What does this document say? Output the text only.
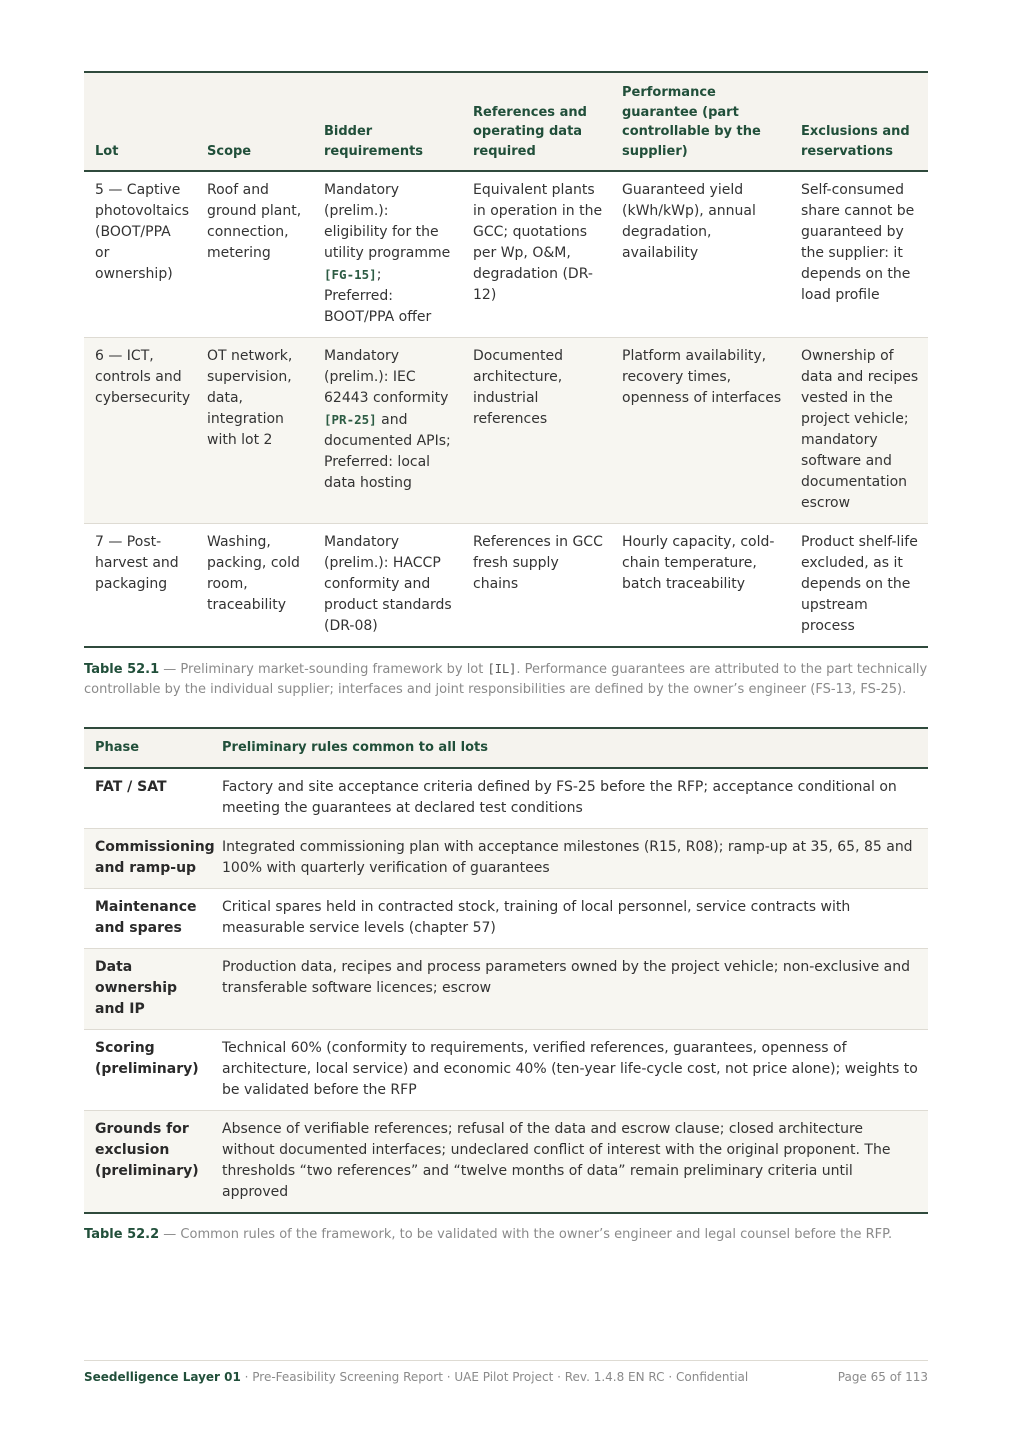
Lot	Scope	Bidder requirements	References and operating data required	Performance guarantee (part controllable by the supplier)	Exclusions and reservations
5 — Captive photovoltaics (BOOT/PPA or ownership)	Roof and ground plant, connection, metering	Mandatory (prelim.): eligibility for the utility programme [FG-15]; Preferred: BOOT/PPA offer	Equivalent plants in operation in the GCC; quotations per Wp, O&M, degradation (DR-12)	Guaranteed yield (kWh/kWp), annual degradation, availability	Self-consumed share cannot be guaranteed by the supplier: it depends on the load profile
6 — ICT, controls and cybersecurity	OT network, supervision, data, integration with lot 2	Mandatory (prelim.): IEC 62443 conformity [PR-25] and documented APIs; Preferred: local data hosting	Documented architecture, industrial references	Platform availability, recovery times, openness of interfaces	Ownership of data and recipes vested in the project vehicle; mandatory software and documentation escrow
7 — Post-harvest and packaging	Washing, packing, cold room, traceability	Mandatory (prelim.): HACCP conformity and product standards (DR-08)	References in GCC fresh supply chains	Hourly capacity, cold-chain temperature, batch traceability	Product shelf-life excluded, as it depends on the upstream process
Table 52.1 — Preliminary market-sounding framework by lot [IL]. Performance guarantees are attributed to the part technically controllable by the individual supplier; interfaces and joint responsibilities are defined by the owner’s engineer (FS-13, FS-25).
Phase	Preliminary rules common to all lots
FAT / SAT	Factory and site acceptance criteria defined by FS-25 before the RFP; acceptance conditional on meeting the guarantees at declared test conditions
Commissioning and ramp-up	Integrated commissioning plan with acceptance milestones (R15, R08); ramp-up at 35, 65, 85 and 100% with quarterly verification of guarantees
Maintenance and spares	Critical spares held in contracted stock, training of local personnel, service contracts with measurable service levels (chapter 57)
Data ownership and IP	Production data, recipes and process parameters owned by the project vehicle; non-exclusive and transferable software licences; escrow
Scoring (preliminary)	Technical 60% (conformity to requirements, verified references, guarantees, openness of architecture, local service) and economic 40% (ten-year life-cycle cost, not price alone); weights to be validated before the RFP
Grounds for exclusion (preliminary)	Absence of verifiable references; refusal of the data and escrow clause; closed architecture without documented interfaces; undeclared conflict of interest with the original proponent. The thresholds “two references” and “twelve months of data” remain preliminary criteria until approved
Table 52.2 — Common rules of the framework, to be validated with the owner’s engineer and legal counsel before the RFP.
Seedelligence Layer 01 · Pre-Feasibility Screening Report · UAE Pilot Project · Rev. 1.4.8 EN RC · Confidential	Page 65 of 113
